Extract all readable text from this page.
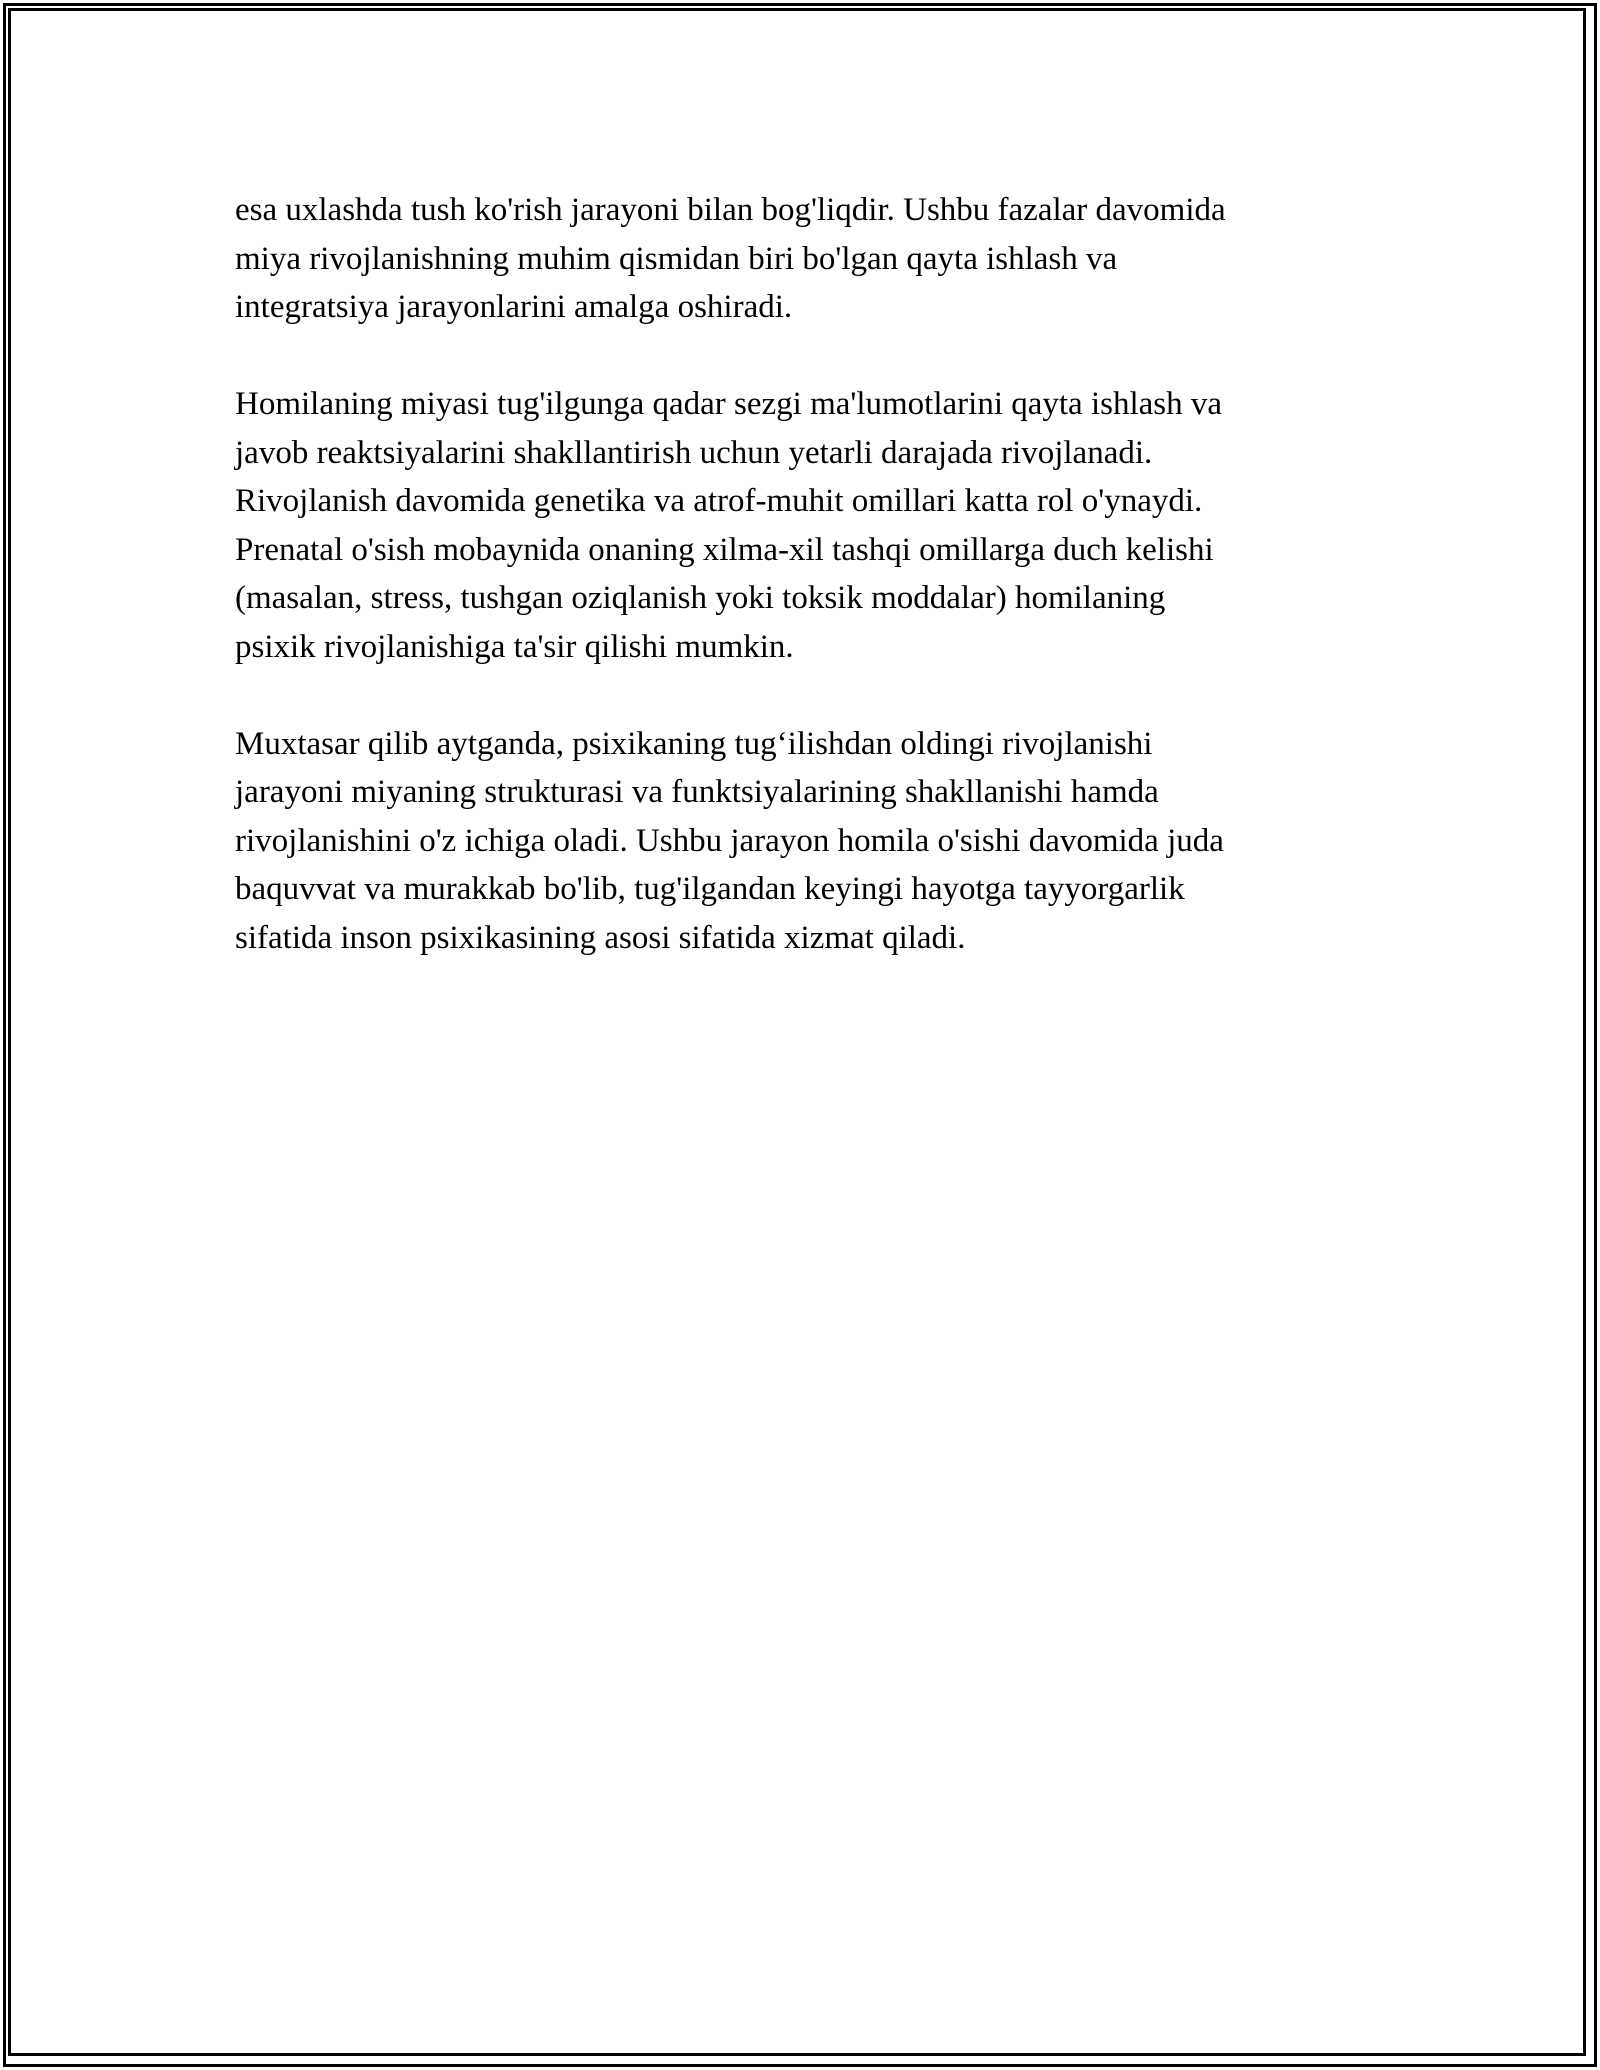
esa uxlashda tush ko'rish jarayoni bilan bog'liqdir. Ushbu fazalar davomida
miya rivojlanishning muhim qismidan biri bo'lgan qayta ishlash va
integratsiya jarayonlarini amalga oshiradi.

Homilaning miyasi tug'ilgunga qadar sezgi ma'lumotlarini qayta ishlash va
javob reaktsiyalarini shakllantirish uchun yetarli darajada rivojlanadi.
Rivojlanish davomida genetika va atrof-muhit omillari katta rol o'ynaydi.
Prenatal o'sish mobaynida onaning xilma-xil tashqi omillarga duch kelishi
(masalan, stress, tushgan oziqlanish yoki toksik moddalar) homilaning
psixik rivojlanishiga ta'sir qilishi mumkin.

Muxtasar qilib aytganda, psixikaning tug‘ilishdan oldingi rivojlanishi
jarayoni miyaning strukturasi va funktsiyalarining shakllanishi hamda
rivojlanishini o'z ichiga oladi. Ushbu jarayon homila o'sishi davomida juda
baquvvat va murakkab bo'lib, tug'ilgandan keyingi hayotga tayyorgarlik
sifatida inson psixikasining asosi sifatida xizmat qiladi.
